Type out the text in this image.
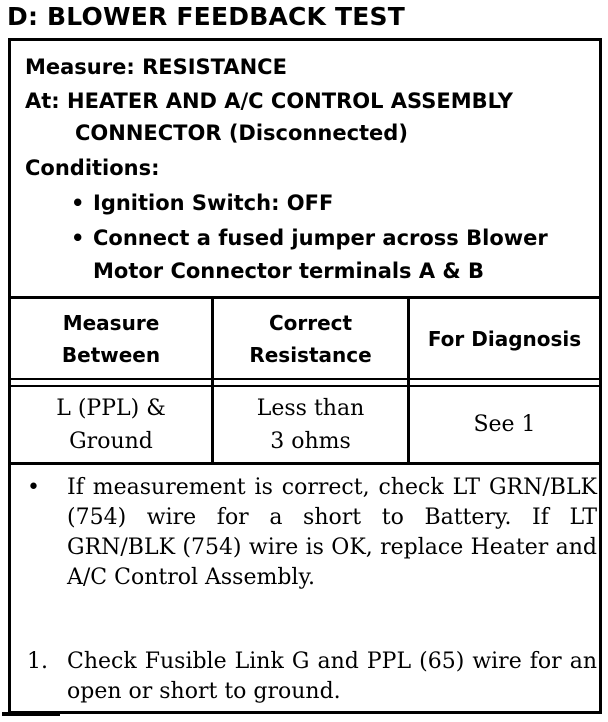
D: BLOWER FEEDBACK TEST
Measure: RESISTANCE
At: HEATER AND A/C CONTROL ASSEMBLY
CONNECTOR (Disconnected)
Conditions:
• Ignition Switch: OFF
• Connect a fused jumper across Blower
Motor Connector terminals A & B
Measure
Between
Correct
Resistance
For Diagnosis
L (PPL) &
Ground
Less than
3 ohms
See 1
• If measurement is correct, check LT GRN/BLK (754) wire for a short to Battery. If LT GRN/BLK (754) wire is OK, replace Heater and A/C Control Assembly.
1. Check Fusible Link G and PPL (65) wire for an open or short to ground.
